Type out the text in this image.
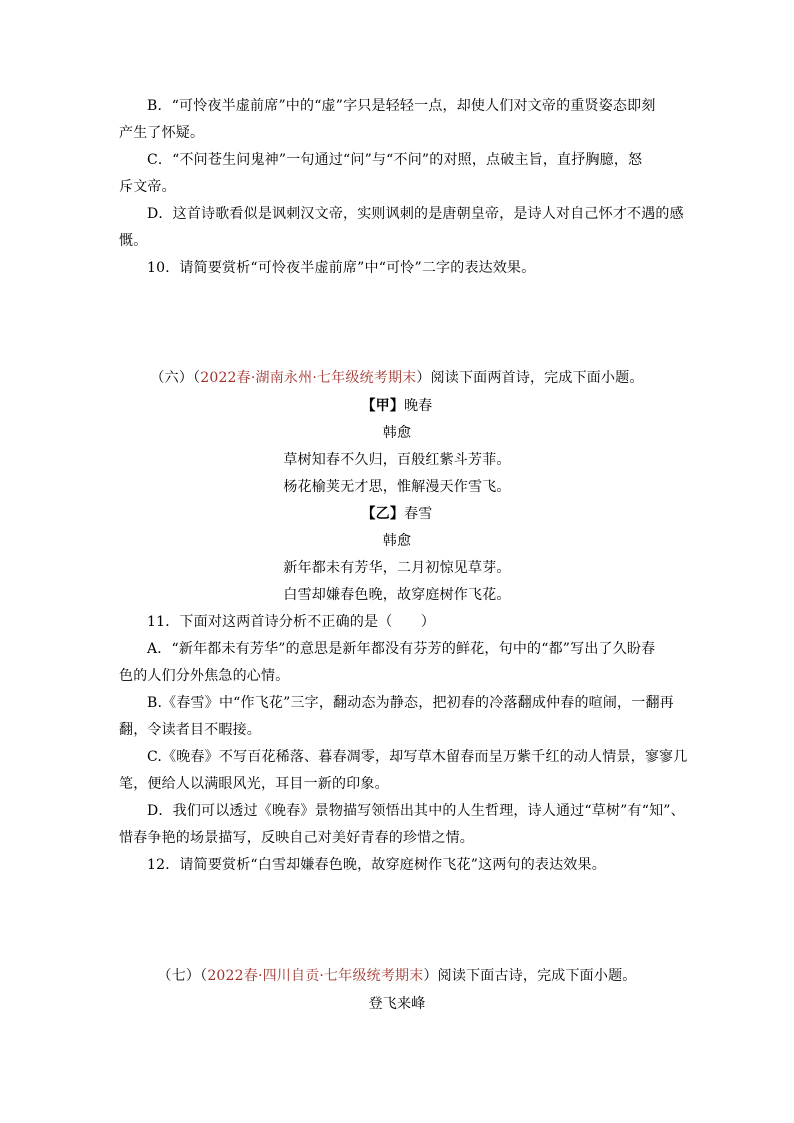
B．“可怜夜半虚前席”中的“虚”字只是轻轻一点，却使人们对文帝的重贤姿态即刻
产生了怀疑。
C．“不问苍生问鬼神”一句通过“问”与“不问”的对照，点破主旨，直抒胸臆，怒
斥文帝。
D．这首诗歌看似是讽刺汉文帝，实则讽刺的是唐朝皇帝，是诗人对自己怀才不遇的感
慨。
10．请简要赏析“可怜夜半虚前席”中“可怜”二字的表达效果。
（六）（2022春·湖南永州·七年级统考期末）阅读下面两首诗，完成下面小题。
【甲】晚春
韩愈
草树知春不久归，百般红紫斗芳菲。
杨花榆荚无才思，惟解漫天作雪飞。
【乙】春雪
韩愈
新年都未有芳华，二月初惊见草芽。
白雪却嫌春色晚，故穿庭树作飞花。
11．下面对这两首诗分析不正确的是（　　）
A．“新年都未有芳华”的意思是新年都没有芬芳的鲜花，句中的“都”写出了久盼春
色的人们分外焦急的心情。
B.《春雪》中“作飞花”三字，翻动态为静态，把初春的冷落翻成仲春的喧闹，一翻再
翻，令读者目不暇接。
C.《晚春》不写百花稀落、暮春凋零，却写草木留春而呈万紫千红的动人情景，寥寥几
笔，便给人以满眼风光，耳目一新的印象。
D．我们可以透过《晚春》景物描写领悟出其中的人生哲理，诗人通过“草树”有“知”、
惜春争艳的场景描写，反映自己对美好青春的珍惜之情。
12．请简要赏析“白雪却嫌春色晚，故穿庭树作飞花”这两句的表达效果。
（七）（2022春·四川自贡·七年级统考期末）阅读下面古诗，完成下面小题。
登飞来峰
